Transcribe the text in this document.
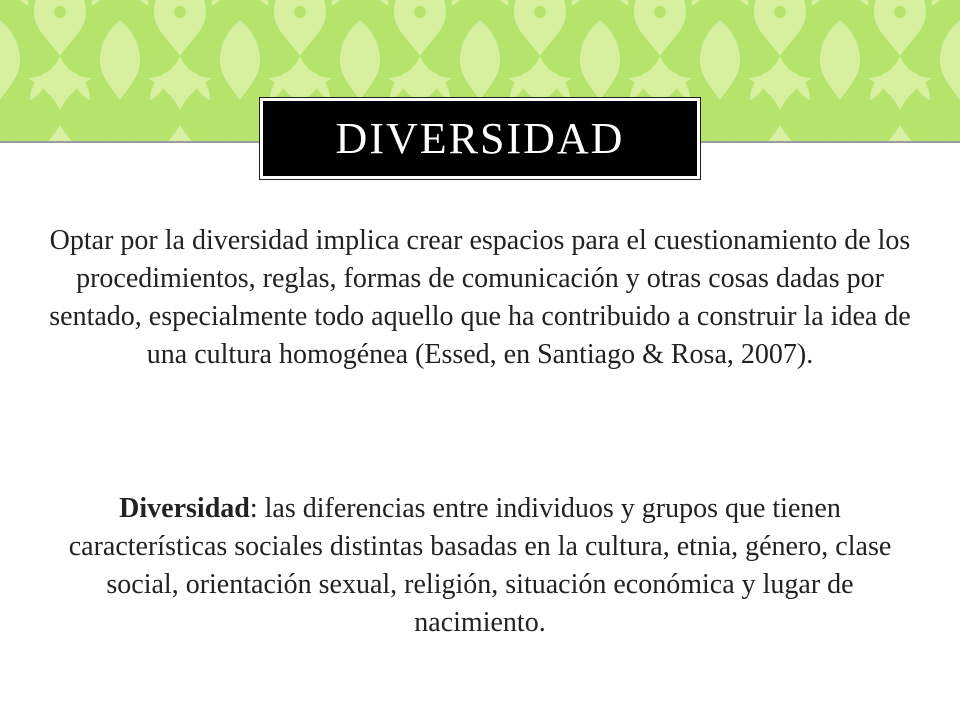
DIVERSIDAD
Optar por la diversidad implica crear espacios para el cuestionamiento de los procedimientos, reglas, formas de comunicación y otras cosas dadas por sentado, especialmente todo aquello que ha contribuido a construir la idea de una cultura homogénea (Essed, en Santiago & Rosa, 2007).
Diversidad: las diferencias entre individuos y grupos que tienen características sociales distintas basadas en la cultura, etnia, género, clase social, orientación sexual, religión, situación económica y lugar de nacimiento.
